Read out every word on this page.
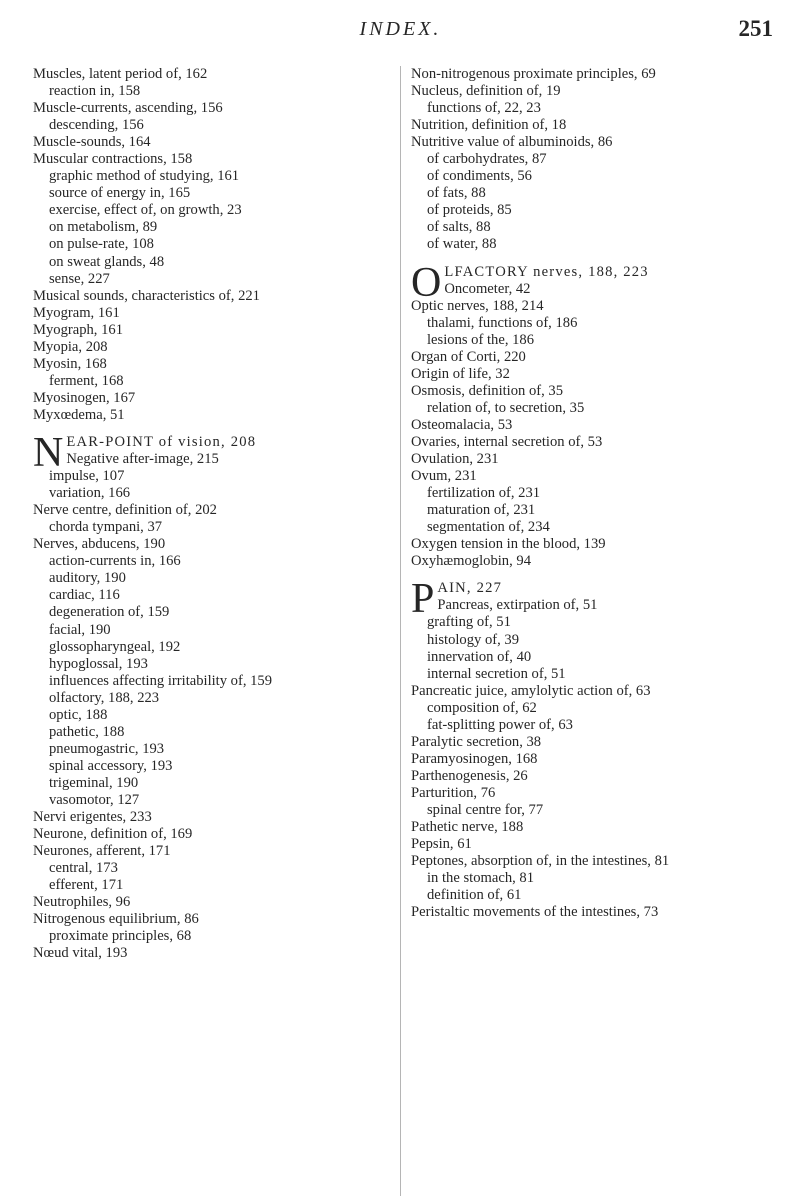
INDEX.	251
Muscles, latent period of, 162
reaction in, 158
Muscle-currents, ascending, 156
descending, 156
Muscle-sounds, 164
Muscular contractions, 158
graphic method of studying, 161
source of energy in, 165
exercise, effect of, on growth, 23
on metabolism, 89
on pulse-rate, 108
on sweat glands, 48
sense, 227
Musical sounds, characteristics of, 221
Myogram, 161
Myograph, 161
Myopia, 208
Myosin, 168
ferment, 168
Myosinogen, 167
Myxœdema, 51
N EAR-POINT of vision, 208
Negative after-image, 215
impulse, 107
variation, 166
Nerve centre, definition of, 202
chorda tympani, 37
Nerves, abducens, 190
action-currents in, 166
auditory, 190
cardiac, 116
degeneration of, 159
facial, 190
glossopharyngeal, 192
hypoglossal, 193
influences affecting irritability of, 159
olfactory, 188, 223
optic, 188
pathetic, 188
pneumogastric, 193
spinal accessory, 193
trigeminal, 190
vasomotor, 127
Nervi erigentes, 233
Neurone, definition of, 169
Neurones, afferent, 171
central, 173
efferent, 171
Neutrophiles, 96
Nitrogenous equilibrium, 86
proximate principles, 68
Nœud vital, 193
Non-nitrogenous proximate principles, 69
Nucleus, definition of, 19
functions of, 22, 23
Nutrition, definition of, 18
Nutritive value of albuminoids, 86
of carbohydrates, 87
of condiments, 56
of fats, 88
of proteids, 85
of salts, 88
of water, 88
O LFACTORY nerves, 188, 223
Oncometer, 42
Optic nerves, 188, 214
thalami, functions of, 186
lesions of the, 186
Organ of Corti, 220
Origin of life, 32
Osmosis, definition of, 35
relation of, to secretion, 35
Osteomalacia, 53
Ovaries, internal secretion of, 53
Ovulation, 231
Ovum, 231
fertilization of, 231
maturation of, 231
segmentation of, 234
Oxygen tension in the blood, 139
Oxyhæmoglobin, 94
P AIN, 227
Pancreas, extirpation of, 51
grafting of, 51
histology of, 39
innervation of, 40
internal secretion of, 51
Pancreatic juice, amylolytic action of, 63
composition of, 62
fat-splitting power of, 63
Paralytic secretion, 38
Paramyosinogen, 168
Parthenogenesis, 26
Parturition, 76
spinal centre for, 77
Pathetic nerve, 188
Pepsin, 61
Peptones, absorption of, in the intestines, 81
in the stomach, 81
definition of, 61
Peristaltic movements of the intestines, 73
